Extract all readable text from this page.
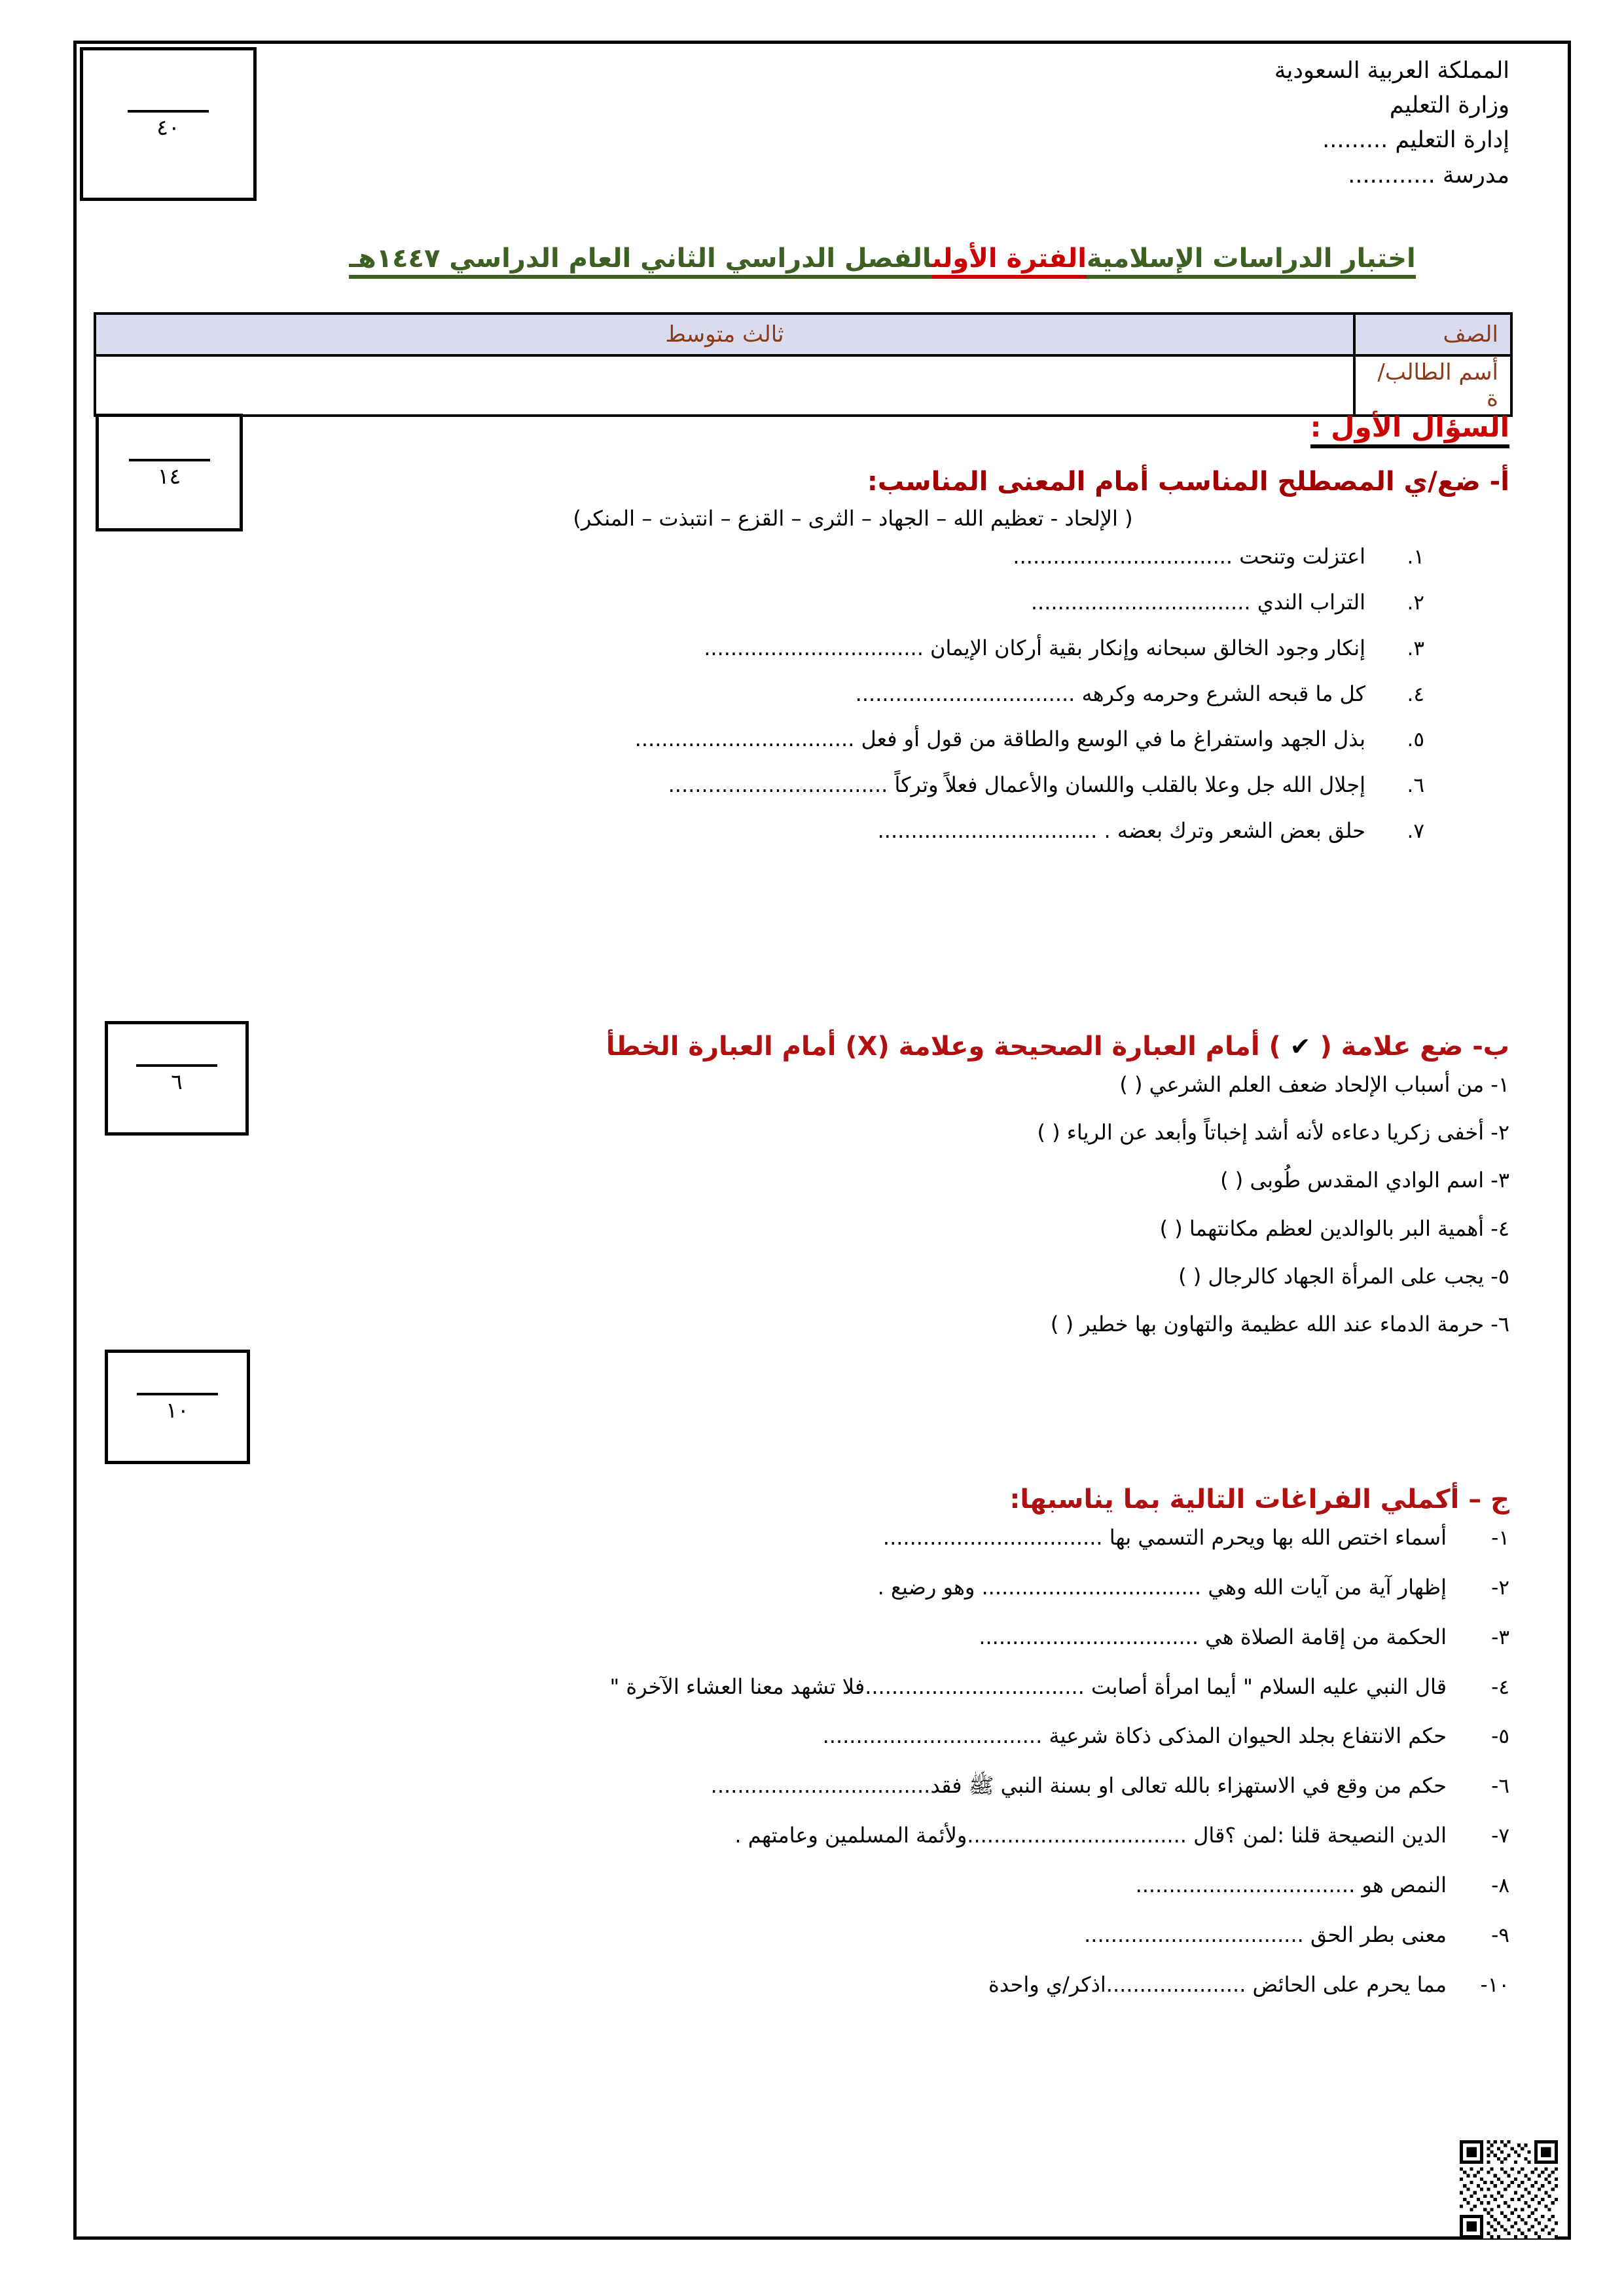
٤٠
المملكة العربية السعودية
وزارة التعليم
إدارة التعليم .........
مدرسة ............
اختبار الدراسات الإسلاميةالفترة الأولىالفصل الدراسي الثاني العام الدراسي ١٤٤٧هـ
الصف	ثالث متوسط
أسم الطالب/ة	
١٤
السؤال الأول :
أ- ضع/ي المصطلح المناسب أمام المعنى المناسب:
( الإلحاد - تعظيم الله – الجهاد – الثرى – القزع – انتبذت – المنكر)
١.
اعتزلت وتنحت .................................
٢.
التراب الندي .................................
٣.
إنكار وجود الخالق سبحانه وإنكار بقية أركان الإيمان .................................
٤.
كل ما قبحه الشرع وحرمه وكرهه .................................
٥.
بذل الجهد واستفراغ ما في الوسع والطاقة من قول أو فعل .................................
٦.
إجلال الله جل وعلا بالقلب واللسان والأعمال فعلاً وتركاً .................................
٧.
حلق بعض الشعر وترك بعضه . .................................
٦
ب- ضع علامة ( ✔ ) أمام العبارة الصحيحة وعلامة (X) أمام العبارة الخطأ
١- من أسباب الإلحاد ضعف العلم الشرعي ( )
٢- أخفى زكريا دعاءه لأنه أشد إخباتاً وأبعد عن الرياء ( )
٣- اسم الوادي المقدس طُوبى ( )
٤- أهمية البر بالوالدين لعظم مكانتهما ( )
٥- يجب على المرأة الجهاد كالرجال ( )
٦- حرمة الدماء عند الله عظيمة والتهاون بها خطير ( )
١٠
ج – أكملي الفراغات التالية بما يناسبها:
١-
أسماء اختص الله بها ويحرم التسمي بها .................................
٢-
إظهار آية من آيات الله وهي ................................. وهو رضيع .
٣-
الحكمة من إقامة الصلاة هي .................................
٤-
قال النبي عليه السلام " أيما امرأة أصابت .................................فلا تشهد معنا العشاء الآخرة "
٥-
حكم الانتفاع بجلد الحيوان المذكى ذكاة شرعية .................................
٦-
حكم من وقع في الاستهزاء بالله تعالى او بسنة النبي ﷺ فقد.................................
٧-
الدين النصيحة قلنا :لمن ؟قال .................................ولأئمة المسلمين وعامتهم .
٨-
النمص هو .................................
٩-
معنى بطر الحق .................................
١٠-
مما يحرم على الحائض .....................اذكر/ي واحدة
